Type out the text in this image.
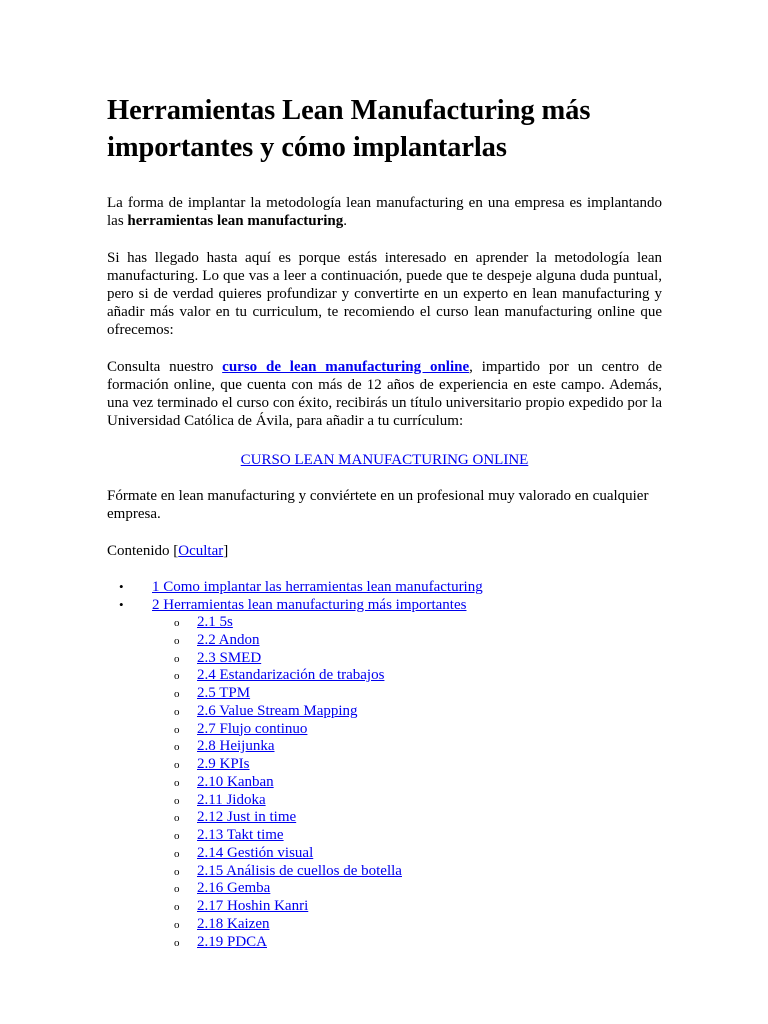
Herramientas Lean Manufacturing más importantes y cómo implantarlas

La forma de implantar la metodología lean manufacturing en una empresa es implantando las herramientas lean manufacturing.

Si has llegado hasta aquí es porque estás interesado en aprender la metodología lean manufacturing. Lo que vas a leer a continuación, puede que te despeje alguna duda puntual, pero si de verdad quieres profundizar y convertirte en un experto en lean manufacturing y añadir más valor en tu curriculum, te recomiendo el curso lean manufacturing online que ofrecemos:

Consulta nuestro curso de lean manufacturing online, impartido por un centro de formación online, que cuenta con más de 12 años de experiencia en este campo. Además, una vez terminado el curso con éxito, recibirás un título universitario propio expedido por la Universidad Católica de Ávila, para añadir a tu currículum:

CURSO LEAN MANUFACTURING ONLINE

Fórmate en lean manufacturing y conviértete en un profesional muy valorado en cualquier empresa.

Contenido [Ocultar]

• 1 Como implantar las herramientas lean manufacturing
• 2 Herramientas lean manufacturing más importantes
o 2.1 5s
o 2.2 Andon
o 2.3 SMED
o 2.4 Estandarización de trabajos
o 2.5 TPM
o 2.6 Value Stream Mapping
o 2.7 Flujo continuo
o 2.8 Heijunka
o 2.9 KPIs
o 2.10 Kanban
o 2.11 Jidoka
o 2.12 Just in time
o 2.13 Takt time
o 2.14 Gestión visual
o 2.15 Análisis de cuellos de botella
o 2.16 Gemba
o 2.17 Hoshin Kanri
o 2.18 Kaizen
o 2.19 PDCA
